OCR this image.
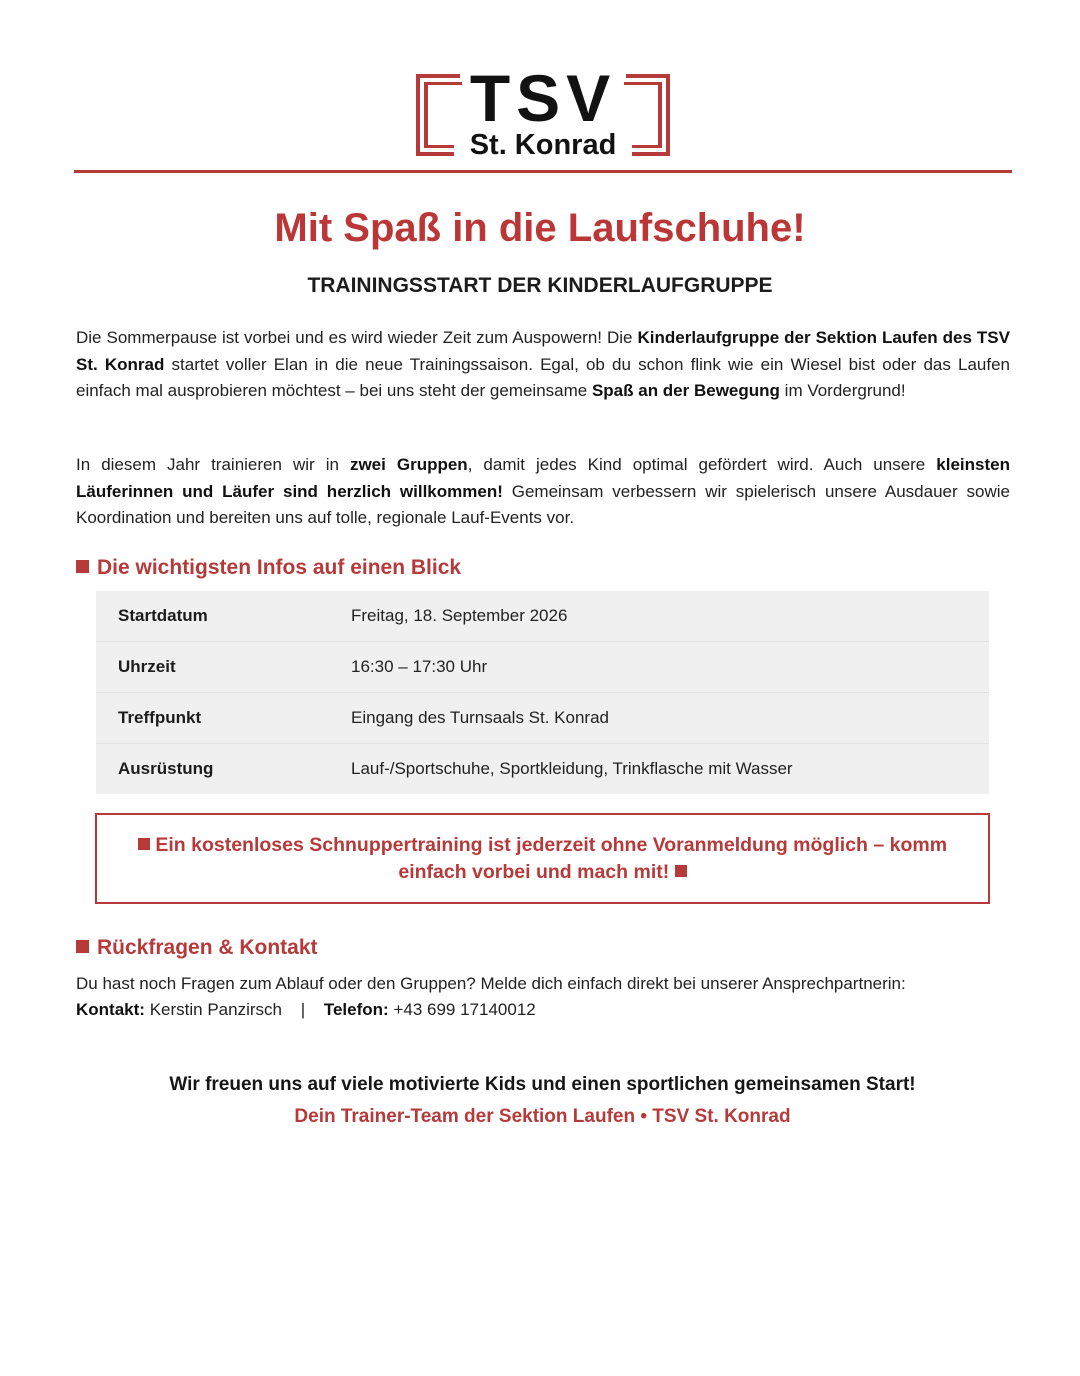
TSV
St. Konrad
Mit Spaß in die Laufschuhe!
TRAININGSSTART DER KINDERLAUFGRUPPE
Die Sommerpause ist vorbei und es wird wieder Zeit zum Auspowern! Die Kinderlaufgruppe der Sektion Laufen des TSV St. Konrad startet voller Elan in die neue Trainingssaison. Egal, ob du schon flink wie ein Wiesel bist oder das Laufen einfach mal ausprobieren möchtest – bei uns steht der gemeinsame Spaß an der Bewegung im Vordergrund!
In diesem Jahr trainieren wir in zwei Gruppen, damit jedes Kind optimal gefördert wird. Auch unsere kleinsten Läuferinnen und Läufer sind herzlich willkommen! Gemeinsam verbessern wir spielerisch unsere Ausdauer sowie Koordination und bereiten uns auf tolle, regionale Lauf-Events vor.
Die wichtigsten Infos auf einen Blick
Startdatum	Freitag, 18. September 2026
Uhrzeit	16:30 – 17:30 Uhr
Treffpunkt	Eingang des Turnsaals St. Konrad
Ausrüstung	Lauf-/Sportschuhe, Sportkleidung, Trinkflasche mit Wasser
Ein kostenloses Schnuppertraining ist jederzeit ohne Voranmeldung möglich – komm einfach vorbei und mach mit!
Rückfragen & Kontakt
Du hast noch Fragen zum Ablauf oder den Gruppen? Melde dich einfach direkt bei unserer Ansprechpartnerin:
Kontakt: Kerstin Panzirsch | Telefon: +43 699 17140012
Wir freuen uns auf viele motivierte Kids und einen sportlichen gemeinsamen Start!
Dein Trainer-Team der Sektion Laufen • TSV St. Konrad
